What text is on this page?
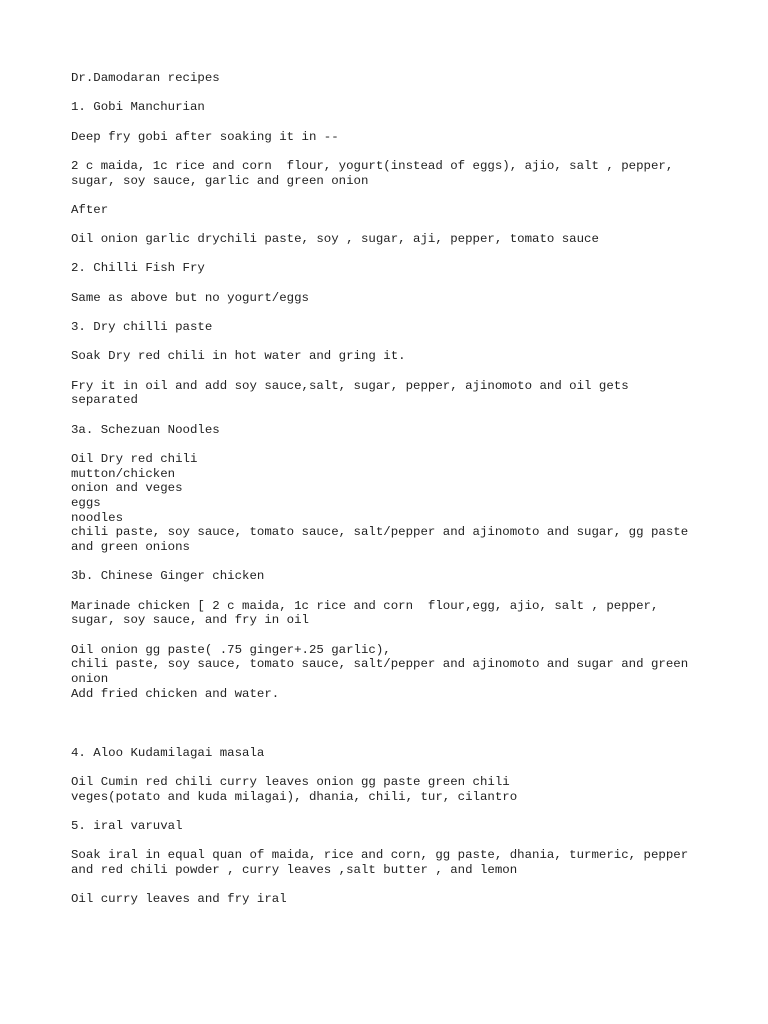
Dr.Damodaran recipes

1. Gobi Manchurian

Deep fry gobi after soaking it in --

2 c maida, 1c rice and corn  flour, yogurt(instead of eggs), ajio, salt , pepper,
sugar, soy sauce, garlic and green onion

After

Oil onion garlic drychili paste, soy , sugar, aji, pepper, tomato sauce

2. Chilli Fish Fry

Same as above but no yogurt/eggs

3. Dry chilli paste

Soak Dry red chili in hot water and gring it.

Fry it in oil and add soy sauce,salt, sugar, pepper, ajinomoto and oil gets
separated

3a. Schezuan Noodles

Oil Dry red chili
mutton/chicken
onion and veges
eggs
noodles
chili paste, soy sauce, tomato sauce, salt/pepper and ajinomoto and sugar, gg paste
and green onions

3b. Chinese Ginger chicken

Marinade chicken [ 2 c maida, 1c rice and corn  flour,egg, ajio, salt , pepper,
sugar, soy sauce, and fry in oil

Oil onion gg paste( .75 ginger+.25 garlic),
chili paste, soy sauce, tomato sauce, salt/pepper and ajinomoto and sugar and green
onion
Add fried chicken and water.

4. Aloo Kudamilagai masala

Oil Cumin red chili curry leaves onion gg paste green chili
veges(potato and kuda milagai), dhania, chili, tur, cilantro

5. iral varuval

Soak iral in equal quan of maida, rice and corn, gg paste, dhania, turmeric, pepper
and red chili powder , curry leaves ,salt butter , and lemon

Oil curry leaves and fry iral
